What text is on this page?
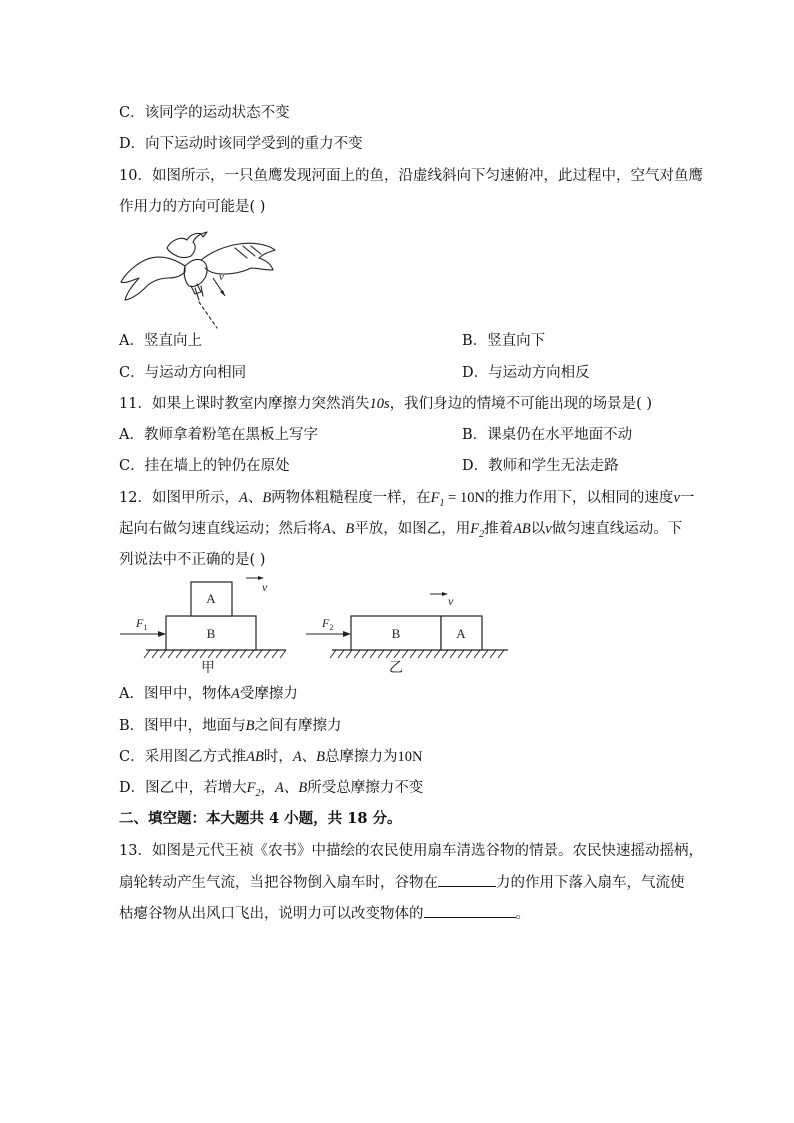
C．该同学的运动状态不变
D．向下运动时该同学受到的重力不变
10．如图所示，一只鱼鹰发现河面上的鱼，沿虚线斜向下匀速俯冲，此过程中，空气对鱼鹰
作用力的方向可能是( )
v
A．竖直向上	B．竖直向下
C．与运动方向相同	D．与运动方向相反
11．如果上课时教室内摩擦力突然消失10s，我们身边的情境不可能出现的场景是( )
A．教师拿着粉笔在黑板上写字	B．课桌仍在水平地面不动
C．挂在墙上的钟仍在原处	D．教师和学生无法走路
12．如图甲所示，A、B两物体粗糙程度一样，在$F_1 = 10N$的推力作用下，以相同的速度v一
起向右做匀速直线运动；然后将A、B平放，如图乙，用$F_2$推着AB以v做匀速直线运动。下
列说法中不正确的是( )
A
B
$F_1$
v
甲
B	A
$F_2$
v
乙
A．图甲中，物体A受摩擦力
B．图甲中，地面与B之间有摩擦力
C．采用图乙方式推AB时，A、B总摩擦力为10N
D．图乙中，若增大$F_2$，A、B所受总摩擦力不变
二、填空题：本大题共 4 小题，共 18 分。
13．如图是元代王祯《农书》中描绘的农民使用扇车清选谷物的情景。农民快速摇动摇柄，
扇轮转动产生气流，当把谷物倒入扇车时，谷物在	力的作用下落入扇车，气流使
枯瘪谷物从出风口飞出，说明力可以改变物体的	。
